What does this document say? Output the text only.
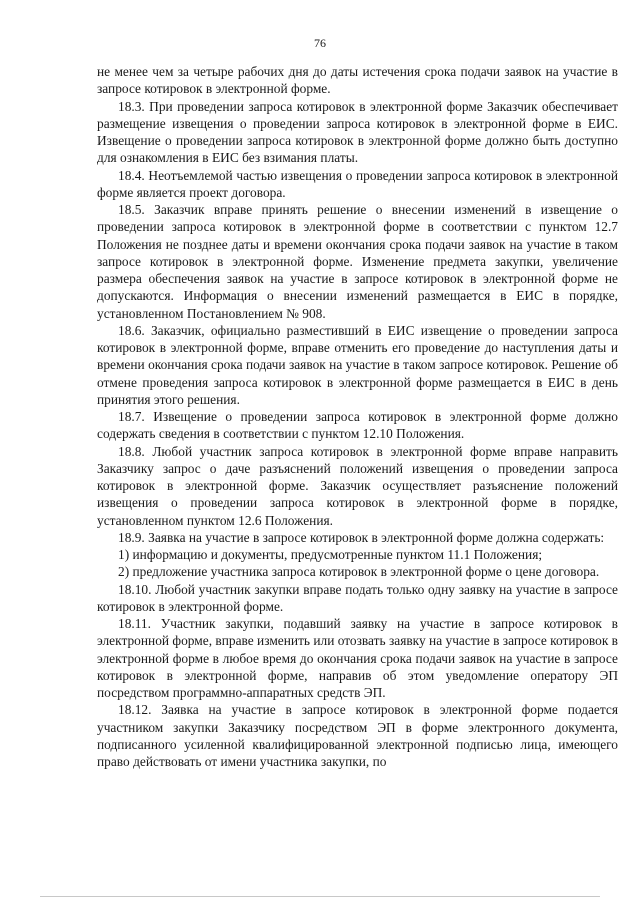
76

не менее чем за четыре рабочих дня до даты истечения срока подачи заявок на участие в запросе котировок в электронной форме.

18.3. При проведении запроса котировок в электронной форме Заказчик обеспечивает размещение извещения о проведении запроса котировок в электронной форме в ЕИС. Извещение о проведении запроса котировок в электронной форме должно быть доступно для ознакомления в ЕИС без взимания платы.

18.4. Неотъемлемой частью извещения о проведении запроса котировок в электронной форме является проект договора.

18.5. Заказчик вправе принять решение о внесении изменений в извещение о проведении запроса котировок в электронной форме в соответствии с пунктом 12.7 Положения не позднее даты и времени окончания срока подачи заявок на участие в таком запросе котировок в электронной форме. Изменение предмета закупки, увеличение размера обеспечения заявок на участие в запросе котировок в электронной форме не допускаются. Информация о внесении изменений размещается в ЕИС в порядке, установленном Постановлением № 908.

18.6. Заказчик, официально разместивший в ЕИС извещение о проведении запроса котировок в электронной форме, вправе отменить его проведение до наступления даты и времени окончания срока подачи заявок на участие в таком запросе котировок. Решение об отмене проведения запроса котировок в электронной форме размещается в ЕИС в день принятия этого решения.

18.7. Извещение о проведении запроса котировок в электронной форме должно содержать сведения в соответствии с пунктом 12.10 Положения.

18.8. Любой участник запроса котировок в электронной форме вправе направить Заказчику запрос о даче разъяснений положений извещения о проведении запроса котировок в электронной форме. Заказчик осуществляет разъяснение положений извещения о проведении запроса котировок в электронной форме в порядке, установленном пунктом 12.6 Положения.

18.9. Заявка на участие в запросе котировок в электронной форме должна содержать:

1) информацию и документы, предусмотренные пунктом 11.1 Положения;

2) предложение участника запроса котировок в электронной форме о цене договора.

18.10. Любой участник закупки вправе подать только одну заявку на участие в запросе котировок в электронной форме.

18.11. Участник закупки, подавший заявку на участие в запросе котировок в электронной форме, вправе изменить или отозвать заявку на участие в запросе котировок в электронной форме в любое время до окончания срока подачи заявок на участие в запросе котировок в электронной форме, направив об этом уведомление оператору ЭП посредством программно-аппаратных средств ЭП.

18.12. Заявка на участие в запросе котировок в электронной форме подается участником закупки Заказчику посредством ЭП в форме электронного документа, подписанного усиленной квалифицированной электронной подписью лица, имеющего право действовать от имени участника закупки, по
